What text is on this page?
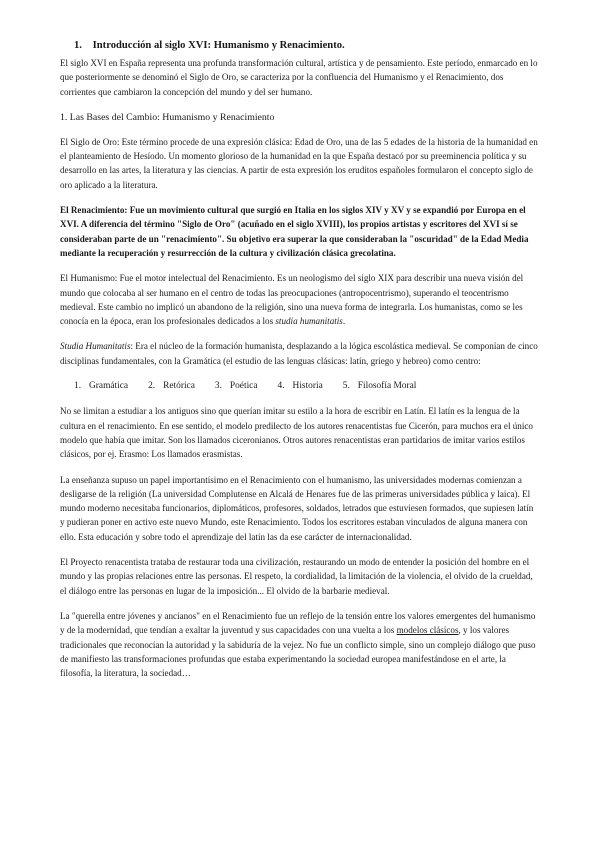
1. Introducción al siglo XVI: Humanismo y Renacimiento.

El siglo XVI en España representa una profunda transformación cultural, artística y de pensamiento. Este período, enmarcado en lo que posteriormente se denominó el Siglo de Oro, se caracteriza por la confluencia del Humanismo y el Renacimiento, dos corrientes que cambiaron la concepción del mundo y del ser humano.

1. Las Bases del Cambio: Humanismo y Renacimiento

El Siglo de Oro: Este término procede de una expresión clásica: Edad de Oro, una de las 5 edades de la historia de la humanidad en el planteamiento de Hesíodo. Un momento glorioso de la humanidad en la que España destacó por su preeminencia política y su desarrollo en las artes, la literatura y las ciencias. A partir de esta expresión los eruditos españoles formularon el concepto siglo de oro aplicado a la literatura.

El Renacimiento: Fue un movimiento cultural que surgió en Italia en los siglos XIV y XV y se expandió por Europa en el XVI. A diferencia del término "Siglo de Oro" (acuñado en el siglo XVIII), los propios artistas y escritores del XVI sí se consideraban parte de un "renacimiento". Su objetivo era superar la que consideraban la "oscuridad" de la Edad Media mediante la recuperación y resurrección de la cultura y civilización clásica grecolatina.

El Humanismo: Fue el motor intelectual del Renacimiento. Es un neologismo del siglo XIX para describir una nueva visión del mundo que colocaba al ser humano en el centro de todas las preocupaciones (antropocentrismo), superando el teocentrismo medieval. Este cambio no implicó un abandono de la religión, sino una nueva forma de integrarla. Los humanistas, como se les conocía en la época, eran los profesionales dedicados a los studia humanitatis.

Studia Humanitatis: Era el núcleo de la formación humanista, desplazando a la lógica escolástica medieval. Se componían de cinco disciplinas fundamentales, con la Gramática (el estudio de las lenguas clásicas: latín, griego y hebreo) como centro:

1. Gramática 2. Retórica 3. Poética 4. Historia 5. Filosofía Moral

No se limitan a estudiar a los antiguos sino que querían imitar su estilo a la hora de escribir en Latín. El latín es la lengua de la cultura en el renacimiento. En ese sentido, el modelo predilecto de los autores renacentistas fue Cicerón, para muchos era el único modelo que había que imitar. Son los llamados ciceronianos. Otros autores renacentistas eran partidarios de imitar varios estilos clásicos, por ej. Erasmo: Los llamados erasmistas.

La enseñanza supuso un papel importantísimo en el Renacimiento con el humanismo, las universidades modernas comienzan a desligarse de la religión (La universidad Complutense en Alcalá de Henares fue de las primeras universidades pública y laica). El mundo moderno necesitaba funcionarios, diplomáticos, profesores, soldados, letrados que estuviesen formados, que supiesen latín y pudieran poner en activo este nuevo Mundo, este Renacimiento. Todos los escritores estaban vinculados de alguna manera con ello. Esta educación y sobre todo el aprendizaje del latín las da ese carácter de internacionalidad.

El Proyecto renacentista trataba de restaurar toda una civilización, restaurando un modo de entender la posición del hombre en el mundo y las propias relaciones entre las personas. El respeto, la cordialidad, la limitación de la violencia, el olvido de la crueldad, el diálogo entre las personas en lugar de la imposición... El olvido de la barbarie medieval.

La "querella entre jóvenes y ancianos" en el Renacimiento fue un reflejo de la tensión entre los valores emergentes del humanismo y de la modernidad, que tendían a exaltar la juventud y sus capacidades con una vuelta a los modelos clásicos, y los valores tradicionales que reconocían la autoridad y la sabiduría de la vejez. No fue un conflicto simple, sino un complejo diálogo que puso de manifiesto las transformaciones profundas que estaba experimentando la sociedad europea manifestándose en el arte, la filosofía, la literatura, la sociedad…
